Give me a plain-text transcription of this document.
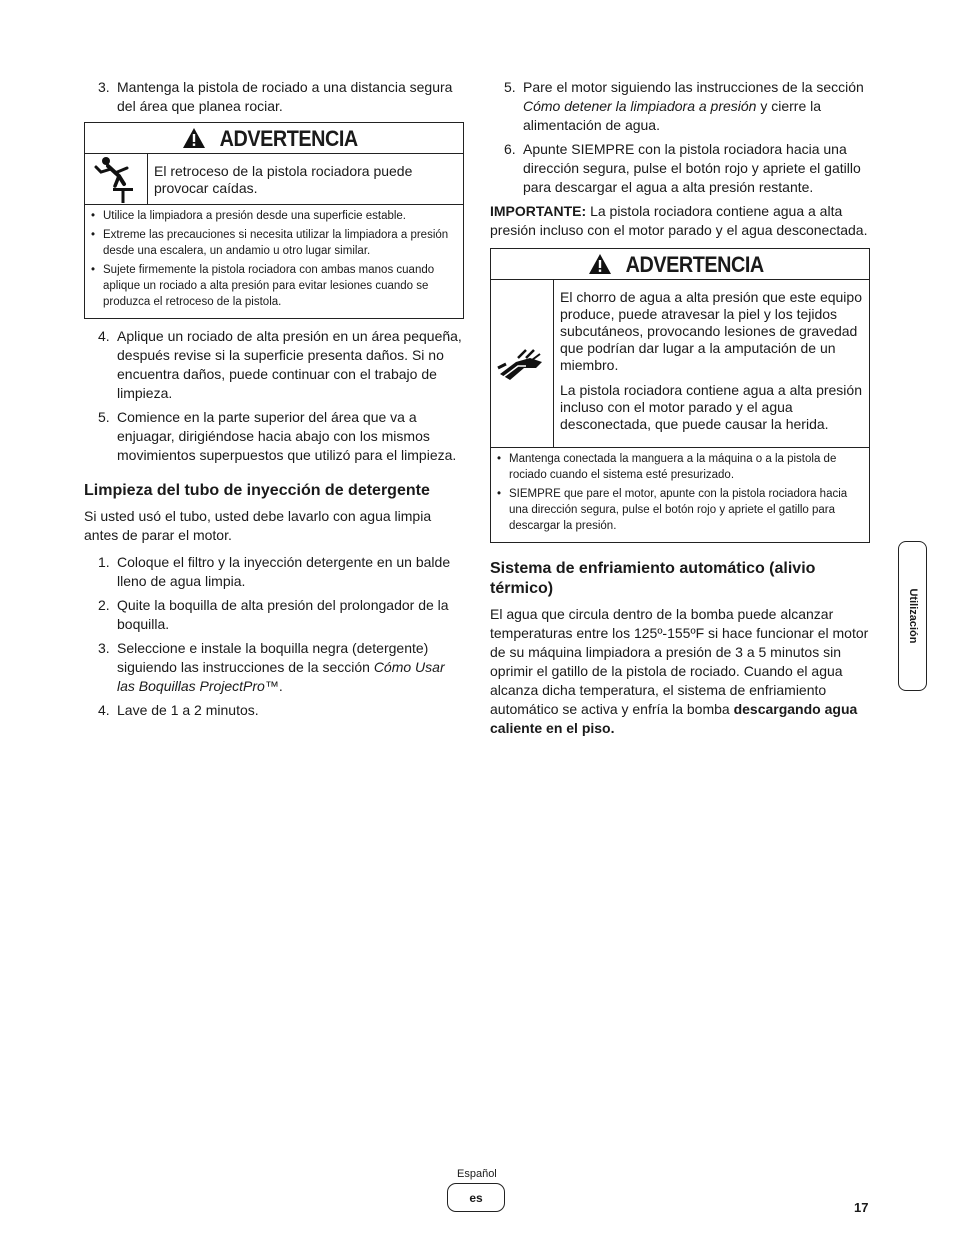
3. Mantenga la pistola de rociado a una distancia segura del área que planea rociar.
ADVERTENCIA
El retroceso de la pistola rociadora puede provocar caídas.
• Utilice la limpiadora a presión desde una superficie estable.
• Extreme las precauciones si necesita utilizar la limpiadora a presión desde una escalera, un andamio u otro lugar similar.
• Sujete firmemente la pistola rociadora con ambas manos cuando aplique un rociado a alta presión para evitar lesiones cuando se produzca el retroceso de la pistola.
4. Aplique un rociado de alta presión en un área pequeña, después revise si la superficie presenta daños. Si no encuentra daños, puede continuar con el trabajo de limpieza.
5. Comience en la parte superior del área que va a enjuagar, dirigiéndose hacia abajo con los mismos movimientos superpuestos que utilizó para el limpieza.
Limpieza del tubo de inyección de detergente

Si usted usó el tubo, usted debe lavarlo con agua limpia antes de parar el motor.

1. Coloque el filtro y la inyección detergente en un balde lleno de agua limpia.
2. Quite la boquilla de alta presión del prolongador de la boquilla.
3. Seleccione e instale la boquilla negra (detergente) siguiendo las instrucciones de la sección Cómo Usar las Boquillas ProjectPro™.
4. Lave de 1 a 2 minutos.
5. Pare el motor siguiendo las instrucciones de la sección Cómo detener la limpiadora a presión y cierre la alimentación de agua.
6. Apunte SIEMPRE con la pistola rociadora hacia una dirección segura, pulse el botón rojo y apriete el gatillo para descargar el agua a alta presión restante.

IMPORTANTE: La pistola rociadora contiene agua a alta presión incluso con el motor parado y el agua desconectada.

ADVERTENCIA

El chorro de agua a alta presión que este equipo produce, puede atravesar la piel y los tejidos subcutáneos, provocando lesiones de gravedad que podrían dar lugar a la amputación de un miembro.

La pistola rociadora contiene agua a alta presión incluso con el motor parado y el agua desconectada, que puede causar la herida.

• Mantenga conectada la manguera a la máquina o a la pistola de rociado cuando el sistema esté presurizado.
• SIEMPRE que pare el motor, apunte con la pistola rociadora hacia una dirección segura, pulse el botón rojo y apriete el gatillo para descargar la presión.
Sistema de enfriamiento automático (alivio térmico)

El agua que circula dentro de la bomba puede alcanzar temperaturas entre los 125º-155ºF si hace funcionar el motor de su máquina limpiadora a presión de 3 a 5 minutos sin oprimir el gatillo de la pistola de rociado. Cuando el agua alcanza dicha temperatura, el sistema de enfriamiento automático se activa y enfría la bomba descargando agua caliente en el piso.

Utilización
Español
es
17
